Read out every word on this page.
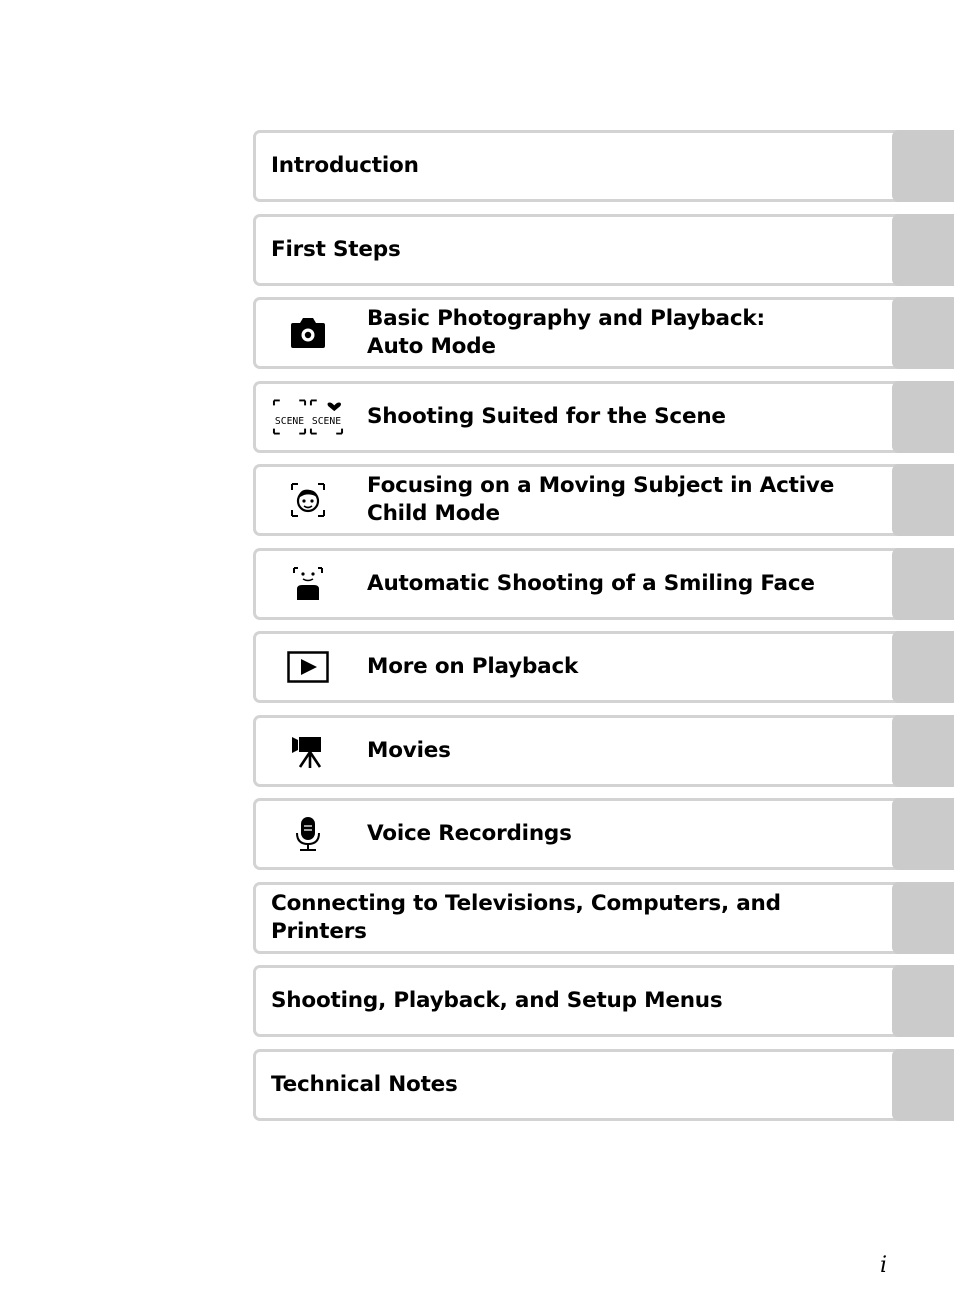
Introduction
First Steps
Basic Photography and Playback:
Auto Mode
SCENE SCENE Shooting Suited for the Scene
Focusing on a Moving Subject in Active Child Mode
Automatic Shooting of a Smiling Face
More on Playback
Movies
Voice Recordings
Connecting to Televisions, Computers, and Printers
Shooting, Playback, and Setup Menus
Technical Notes
i
